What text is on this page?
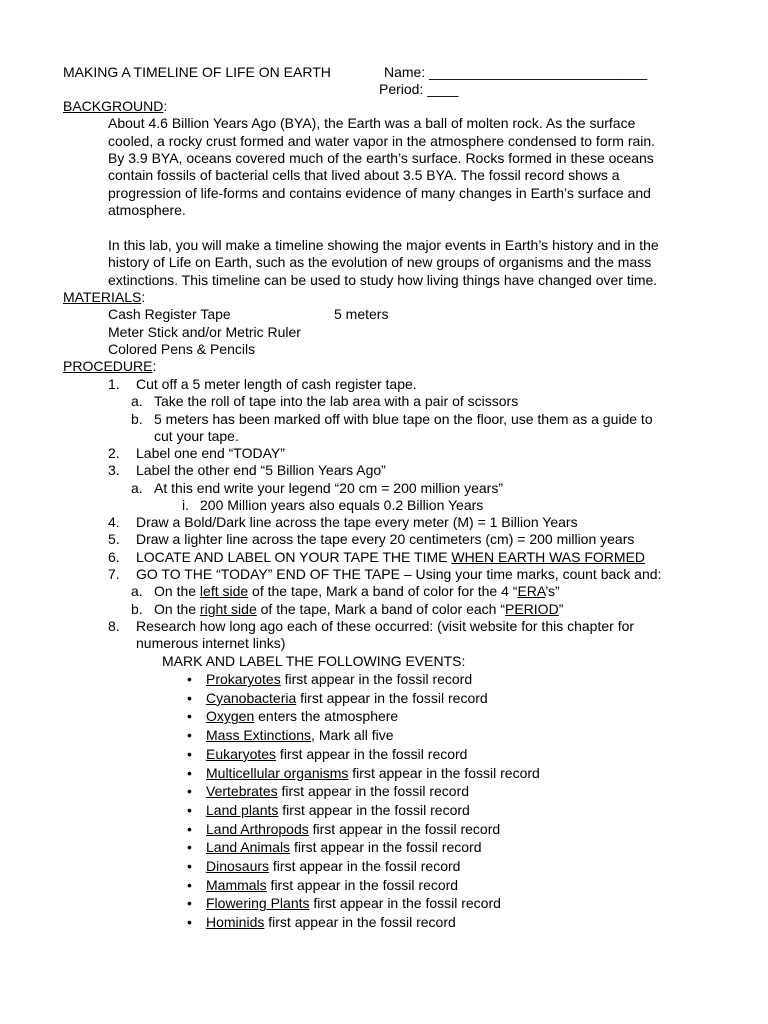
MAKING A TIMELINE OF LIFE ON EARTH	Name: ____________________________
Period: ____
BACKGROUND:
About 4.6 Billion Years Ago (BYA), the Earth was a ball of molten rock. As the surface
cooled, a rocky crust formed and water vapor in the atmosphere condensed to form rain.
By 3.9 BYA, oceans covered much of the earth’s surface. Rocks formed in these oceans
contain fossils of bacterial cells that lived about 3.5 BYA. The fossil record shows a
progression of life-forms and contains evidence of many changes in Earth’s surface and
atmosphere.
In this lab, you will make a timeline showing the major events in Earth’s history and in the
history of Life on Earth, such as the evolution of new groups of organisms and the mass
extinctions. This timeline can be used to study how living things have changed over time.
MATERIALS:
Cash Register Tape	5 meters
Meter Stick and/or Metric Ruler
Colored Pens & Pencils
PROCEDURE:
1. Cut off a 5 meter length of cash register tape.
a. Take the roll of tape into the lab area with a pair of scissors
b. 5 meters has been marked off with blue tape on the floor, use them as a guide to
cut your tape.
2. Label one end “TODAY”
3. Label the other end “5 Billion Years Ago”
a. At this end write your legend “20 cm = 200 million years”
i. 200 Million years also equals 0.2 Billion Years
4. Draw a Bold/Dark line across the tape every meter (M) = 1 Billion Years
5. Draw a lighter line across the tape every 20 centimeters (cm) = 200 million years
6. LOCATE AND LABEL ON YOUR TAPE THE TIME WHEN EARTH WAS FORMED
7. GO TO THE “TODAY” END OF THE TAPE – Using your time marks, count back and:
a. On the left side of the tape, Mark a band of color for the 4 “ERA’s”
b. On the right side of the tape, Mark a band of color each “PERIOD”
8. Research how long ago each of these occurred: (visit website for this chapter for
numerous internet links)
MARK AND LABEL THE FOLLOWING EVENTS:
• Prokaryotes first appear in the fossil record
• Cyanobacteria first appear in the fossil record
• Oxygen enters the atmosphere
• Mass Extinctions, Mark all five
• Eukaryotes first appear in the fossil record
• Multicellular organisms first appear in the fossil record
• Vertebrates first appear in the fossil record
• Land plants first appear in the fossil record
• Land Arthropods first appear in the fossil record
• Land Animals first appear in the fossil record
• Dinosaurs first appear in the fossil record
• Mammals first appear in the fossil record
• Flowering Plants first appear in the fossil record
• Hominids first appear in the fossil record
